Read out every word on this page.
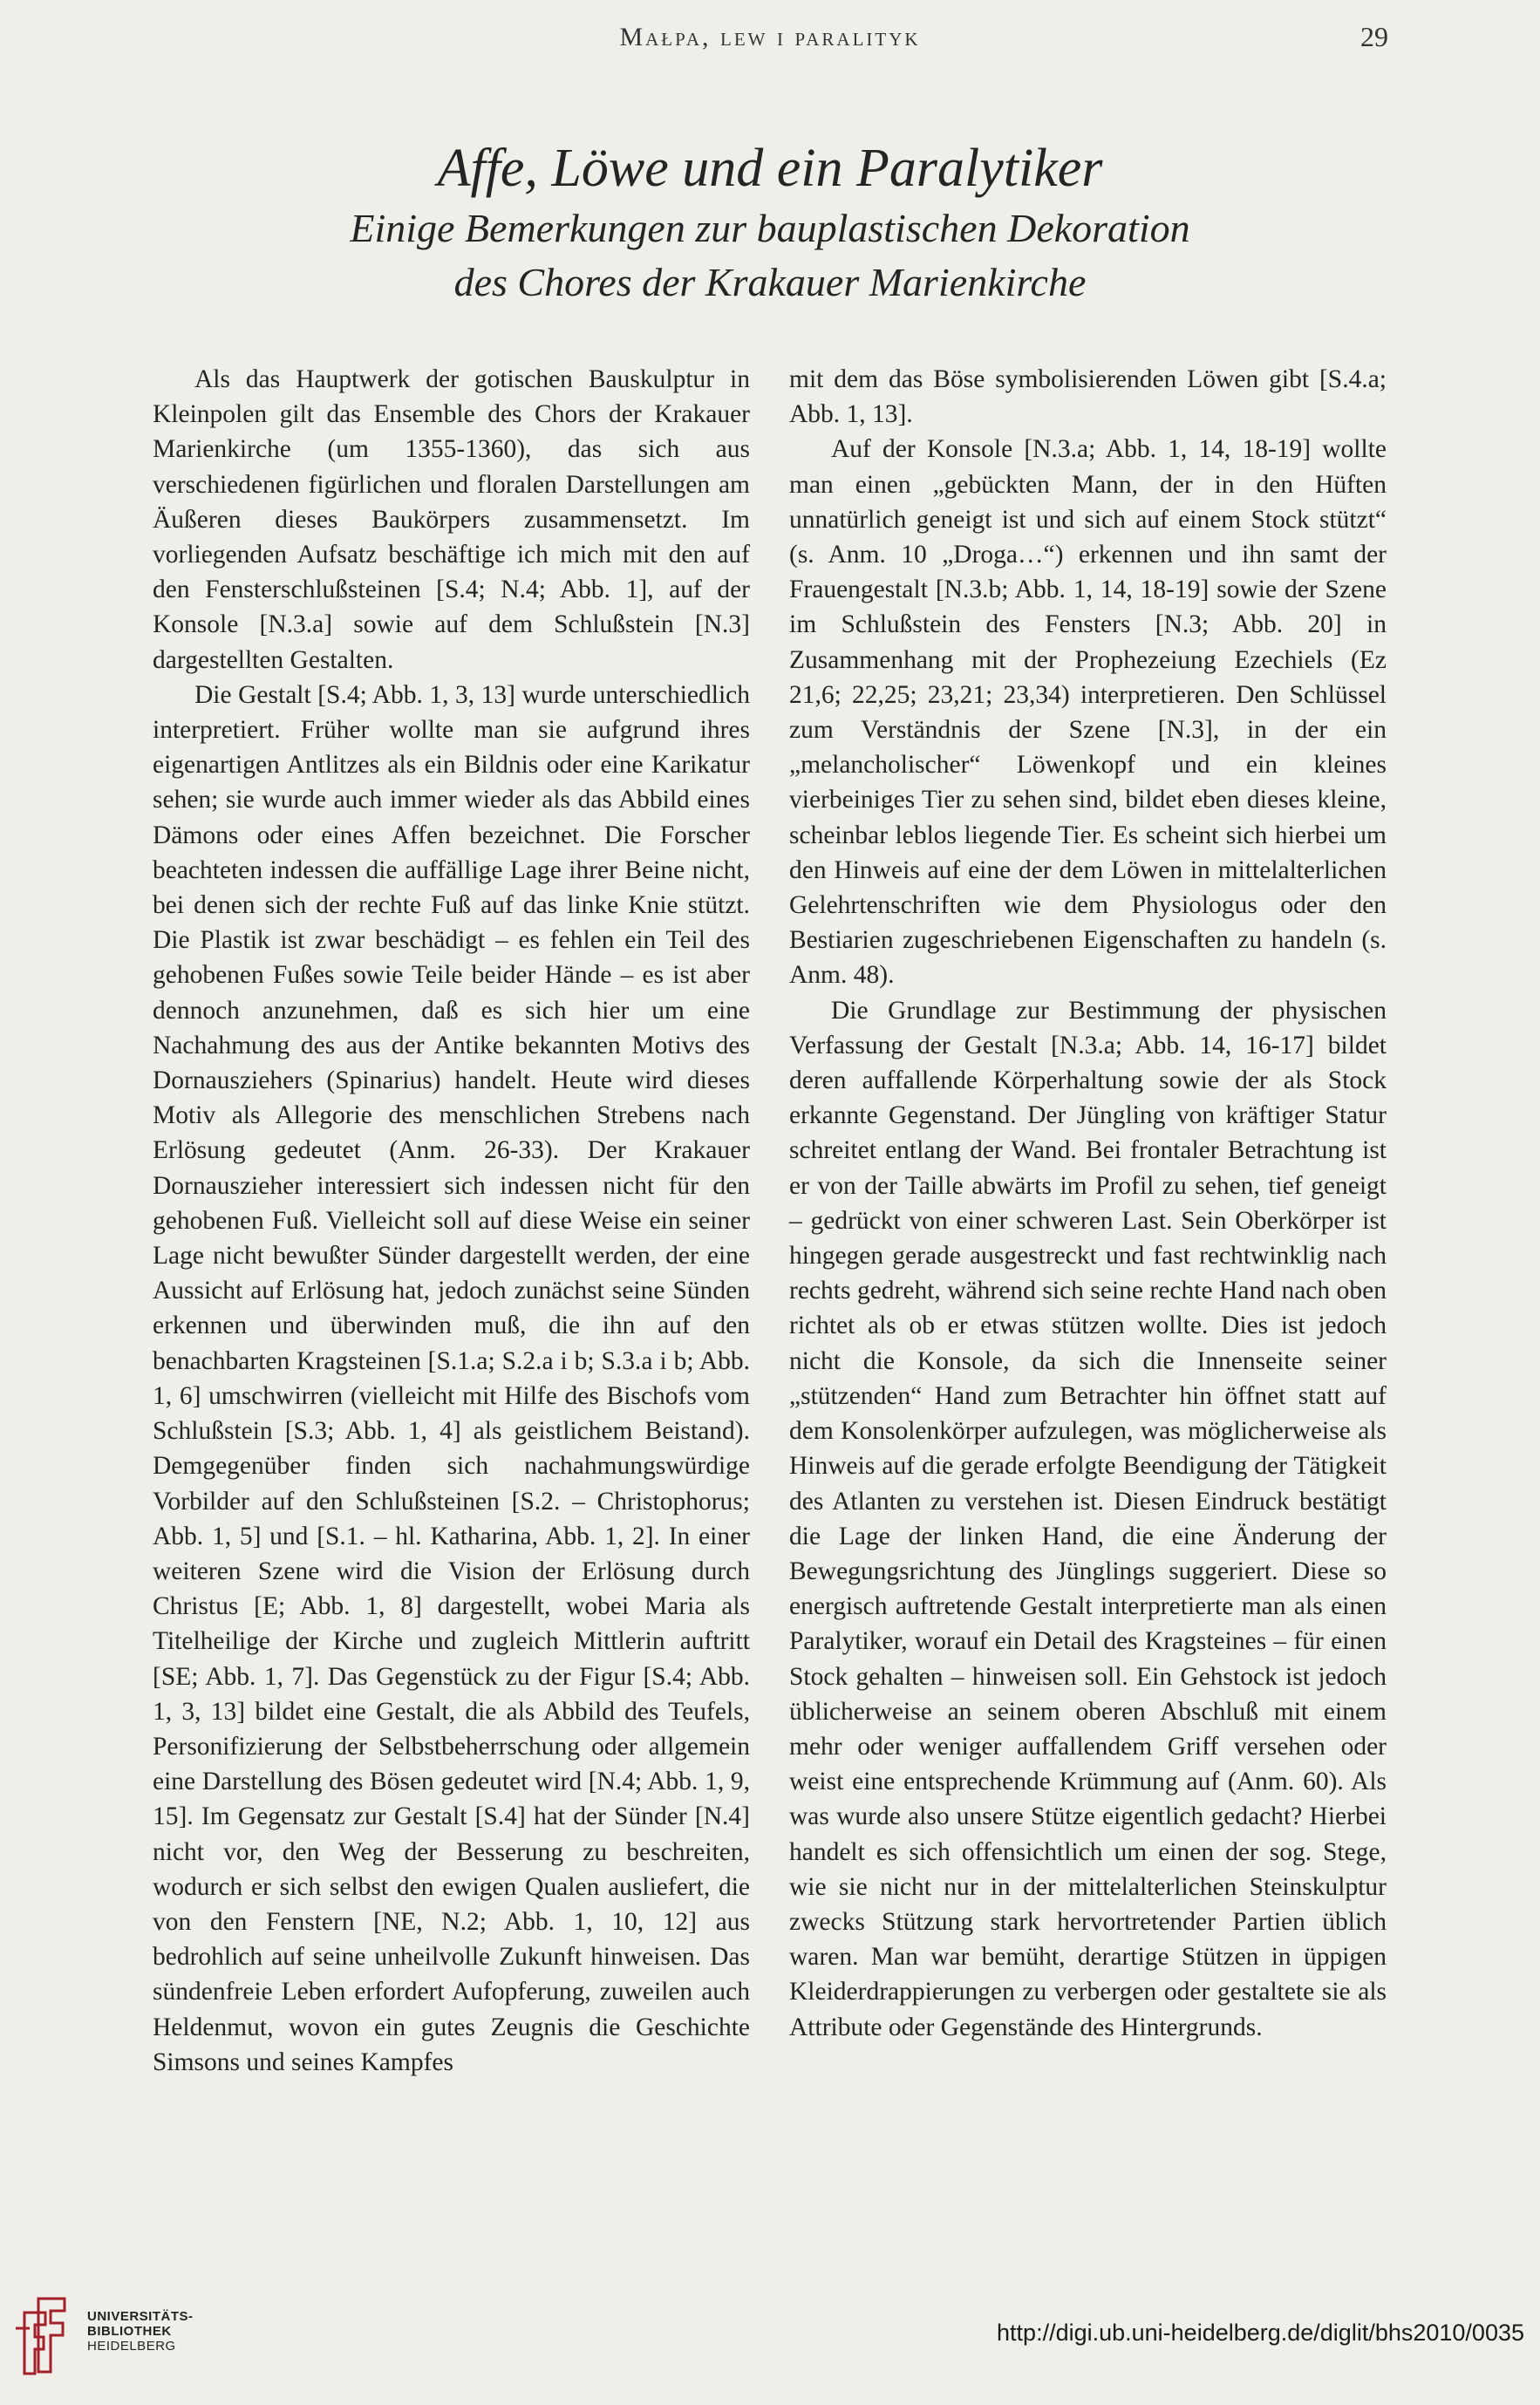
Małpa, lew i paralityk	29
Affe, Löwe und ein Paralytiker
Einige Bemerkungen zur bauplastischen Dekoration
des Chores der Krakauer Marienkirche

Als das Hauptwerk der gotischen Bauskulptur in Kleinpolen gilt das Ensemble des Chors der Krakauer Marienkirche (um 1355-1360), das sich aus verschiedenen figürlichen und floralen Darstellungen am Äußeren dieses Baukörpers zusammensetzt. Im vorliegenden Aufsatz beschäftige ich mich mit den auf den Fensterschlußsteinen [S.4; N.4; Abb. 1], auf der Konsole [N.3.a] sowie auf dem Schlußstein [N.3] dargestellten Gestalten.

Die Gestalt [S.4; Abb. 1, 3, 13] wurde unterschiedlich interpretiert. Früher wollte man sie aufgrund ihres eigenartigen Antlitzes als ein Bildnis oder eine Karikatur sehen; sie wurde auch immer wieder als das Abbild eines Dämons oder eines Affen bezeichnet. Die Forscher beachteten indessen die auffällige Lage ihrer Beine nicht, bei denen sich der rechte Fuß auf das linke Knie stützt. Die Plastik ist zwar beschädigt – es fehlen ein Teil des gehobenen Fußes sowie Teile beider Hände – es ist aber dennoch anzunehmen, daß es sich hier um eine Nachahmung des aus der Antike bekannten Motivs des Dornausziehers (Spinarius) handelt. Heute wird dieses Motiv als Allegorie des menschlichen Strebens nach Erlösung gedeutet (Anm. 26-33). Der Krakauer Dornauszieher interessiert sich indessen nicht für den gehobenen Fuß. Vielleicht soll auf diese Weise ein seiner Lage nicht bewußter Sünder dargestellt werden, der eine Aussicht auf Erlösung hat, jedoch zunächst seine Sünden erkennen und überwinden muß, die ihn auf den benachbarten Kragsteinen [S.1.a; S.2.a i b; S.3.a i b; Abb. 1, 6] umschwirren (vielleicht mit Hilfe des Bischofs vom Schlußstein [S.3; Abb. 1, 4] als geistlichem Beistand). Demgegenüber finden sich nachahmungswürdige Vorbilder auf den Schlußsteinen [S.2. – Christophorus; Abb. 1, 5] und [S.1. – hl. Katharina, Abb. 1, 2]. In einer weiteren Szene wird die Vision der Erlösung durch Christus [E; Abb. 1, 8] dargestellt, wobei Maria als Titelheilige der Kirche und zugleich Mittlerin auftritt [SE; Abb. 1, 7]. Das Gegenstück zu der Figur [S.4; Abb. 1, 3, 13] bildet eine Gestalt, die als Abbild des Teufels, Personifizierung der Selbstbeherrschung oder allgemein eine Darstellung des Bösen gedeutet wird [N.4; Abb. 1, 9, 15]. Im Gegensatz zur Gestalt [S.4] hat der Sünder [N.4] nicht vor, den Weg der Besserung zu beschreiten, wodurch er sich selbst den ewigen Qualen ausliefert, die von den Fenstern [NE, N.2; Abb. 1, 10, 12] aus bedrohlich auf seine unheilvolle Zukunft hinweisen. Das sündenfreie Leben erfordert Aufopferung, zuweilen auch Heldenmut, wovon ein gutes Zeugnis die Geschichte Simsons und seines Kampfes

mit dem das Böse symbolisierenden Löwen gibt [S.4.a; Abb. 1, 13].

Auf der Konsole [N.3.a; Abb. 1, 14, 18-19] wollte man einen „gebückten Mann, der in den Hüften unnatürlich geneigt ist und sich auf einem Stock stützt“ (s. Anm. 10 „Droga…“) erkennen und ihn samt der Frauengestalt [N.3.b; Abb. 1, 14, 18-19] sowie der Szene im Schlußstein des Fensters [N.3; Abb. 20] in Zusammenhang mit der Prophezeiung Ezechiels (Ez 21,6; 22,25; 23,21; 23,34) interpretieren. Den Schlüssel zum Verständnis der Szene [N.3], in der ein „melancholischer“ Löwenkopf und ein kleines vierbeiniges Tier zu sehen sind, bildet eben dieses kleine, scheinbar leblos liegende Tier. Es scheint sich hierbei um den Hinweis auf eine der dem Löwen in mittelalterlichen Gelehrtenschriften wie dem Physiologus oder den Bestiarien zugeschriebenen Eigenschaften zu handeln (s. Anm. 48).

Die Grundlage zur Bestimmung der physischen Verfassung der Gestalt [N.3.a; Abb. 14, 16-17] bildet deren auffallende Körperhaltung sowie der als Stock erkannte Gegenstand. Der Jüngling von kräftiger Statur schreitet entlang der Wand. Bei frontaler Betrachtung ist er von der Taille abwärts im Profil zu sehen, tief geneigt – gedrückt von einer schweren Last. Sein Oberkörper ist hingegen gerade ausgestreckt und fast rechtwinklig nach rechts gedreht, während sich seine rechte Hand nach oben richtet als ob er etwas stützen wollte. Dies ist jedoch nicht die Konsole, da sich die Innenseite seiner „stützenden“ Hand zum Betrachter hin öffnet statt auf dem Konsolenkörper aufzulegen, was möglicherweise als Hinweis auf die gerade erfolgte Beendigung der Tätigkeit des Atlanten zu verstehen ist. Diesen Eindruck bestätigt die Lage der linken Hand, die eine Änderung der Bewegungsrichtung des Jünglings suggeriert. Diese so energisch auftretende Gestalt interpretierte man als einen Paralytiker, worauf ein Detail des Kragsteines – für einen Stock gehalten – hinweisen soll. Ein Gehstock ist jedoch üblicherweise an seinem oberen Abschluß mit einem mehr oder weniger auffallendem Griff versehen oder weist eine entsprechende Krümmung auf (Anm. 60). Als was wurde also unsere Stütze eigentlich gedacht? Hierbei handelt es sich offensichtlich um einen der sog. Stege, wie sie nicht nur in der mittelalterlichen Steinskulptur zwecks Stützung stark hervortretender Partien üblich waren. Man war bemüht, derartige Stützen in üppigen Kleiderdrappierungen zu verbergen oder gestaltete sie als Attribute oder Gegenstände des Hintergrunds.

UNIVERSITÄTS-
BIBLIOTHEK
HEIDELBERG
http://digi.ub.uni-heidelberg.de/diglit/bhs2010/0035
